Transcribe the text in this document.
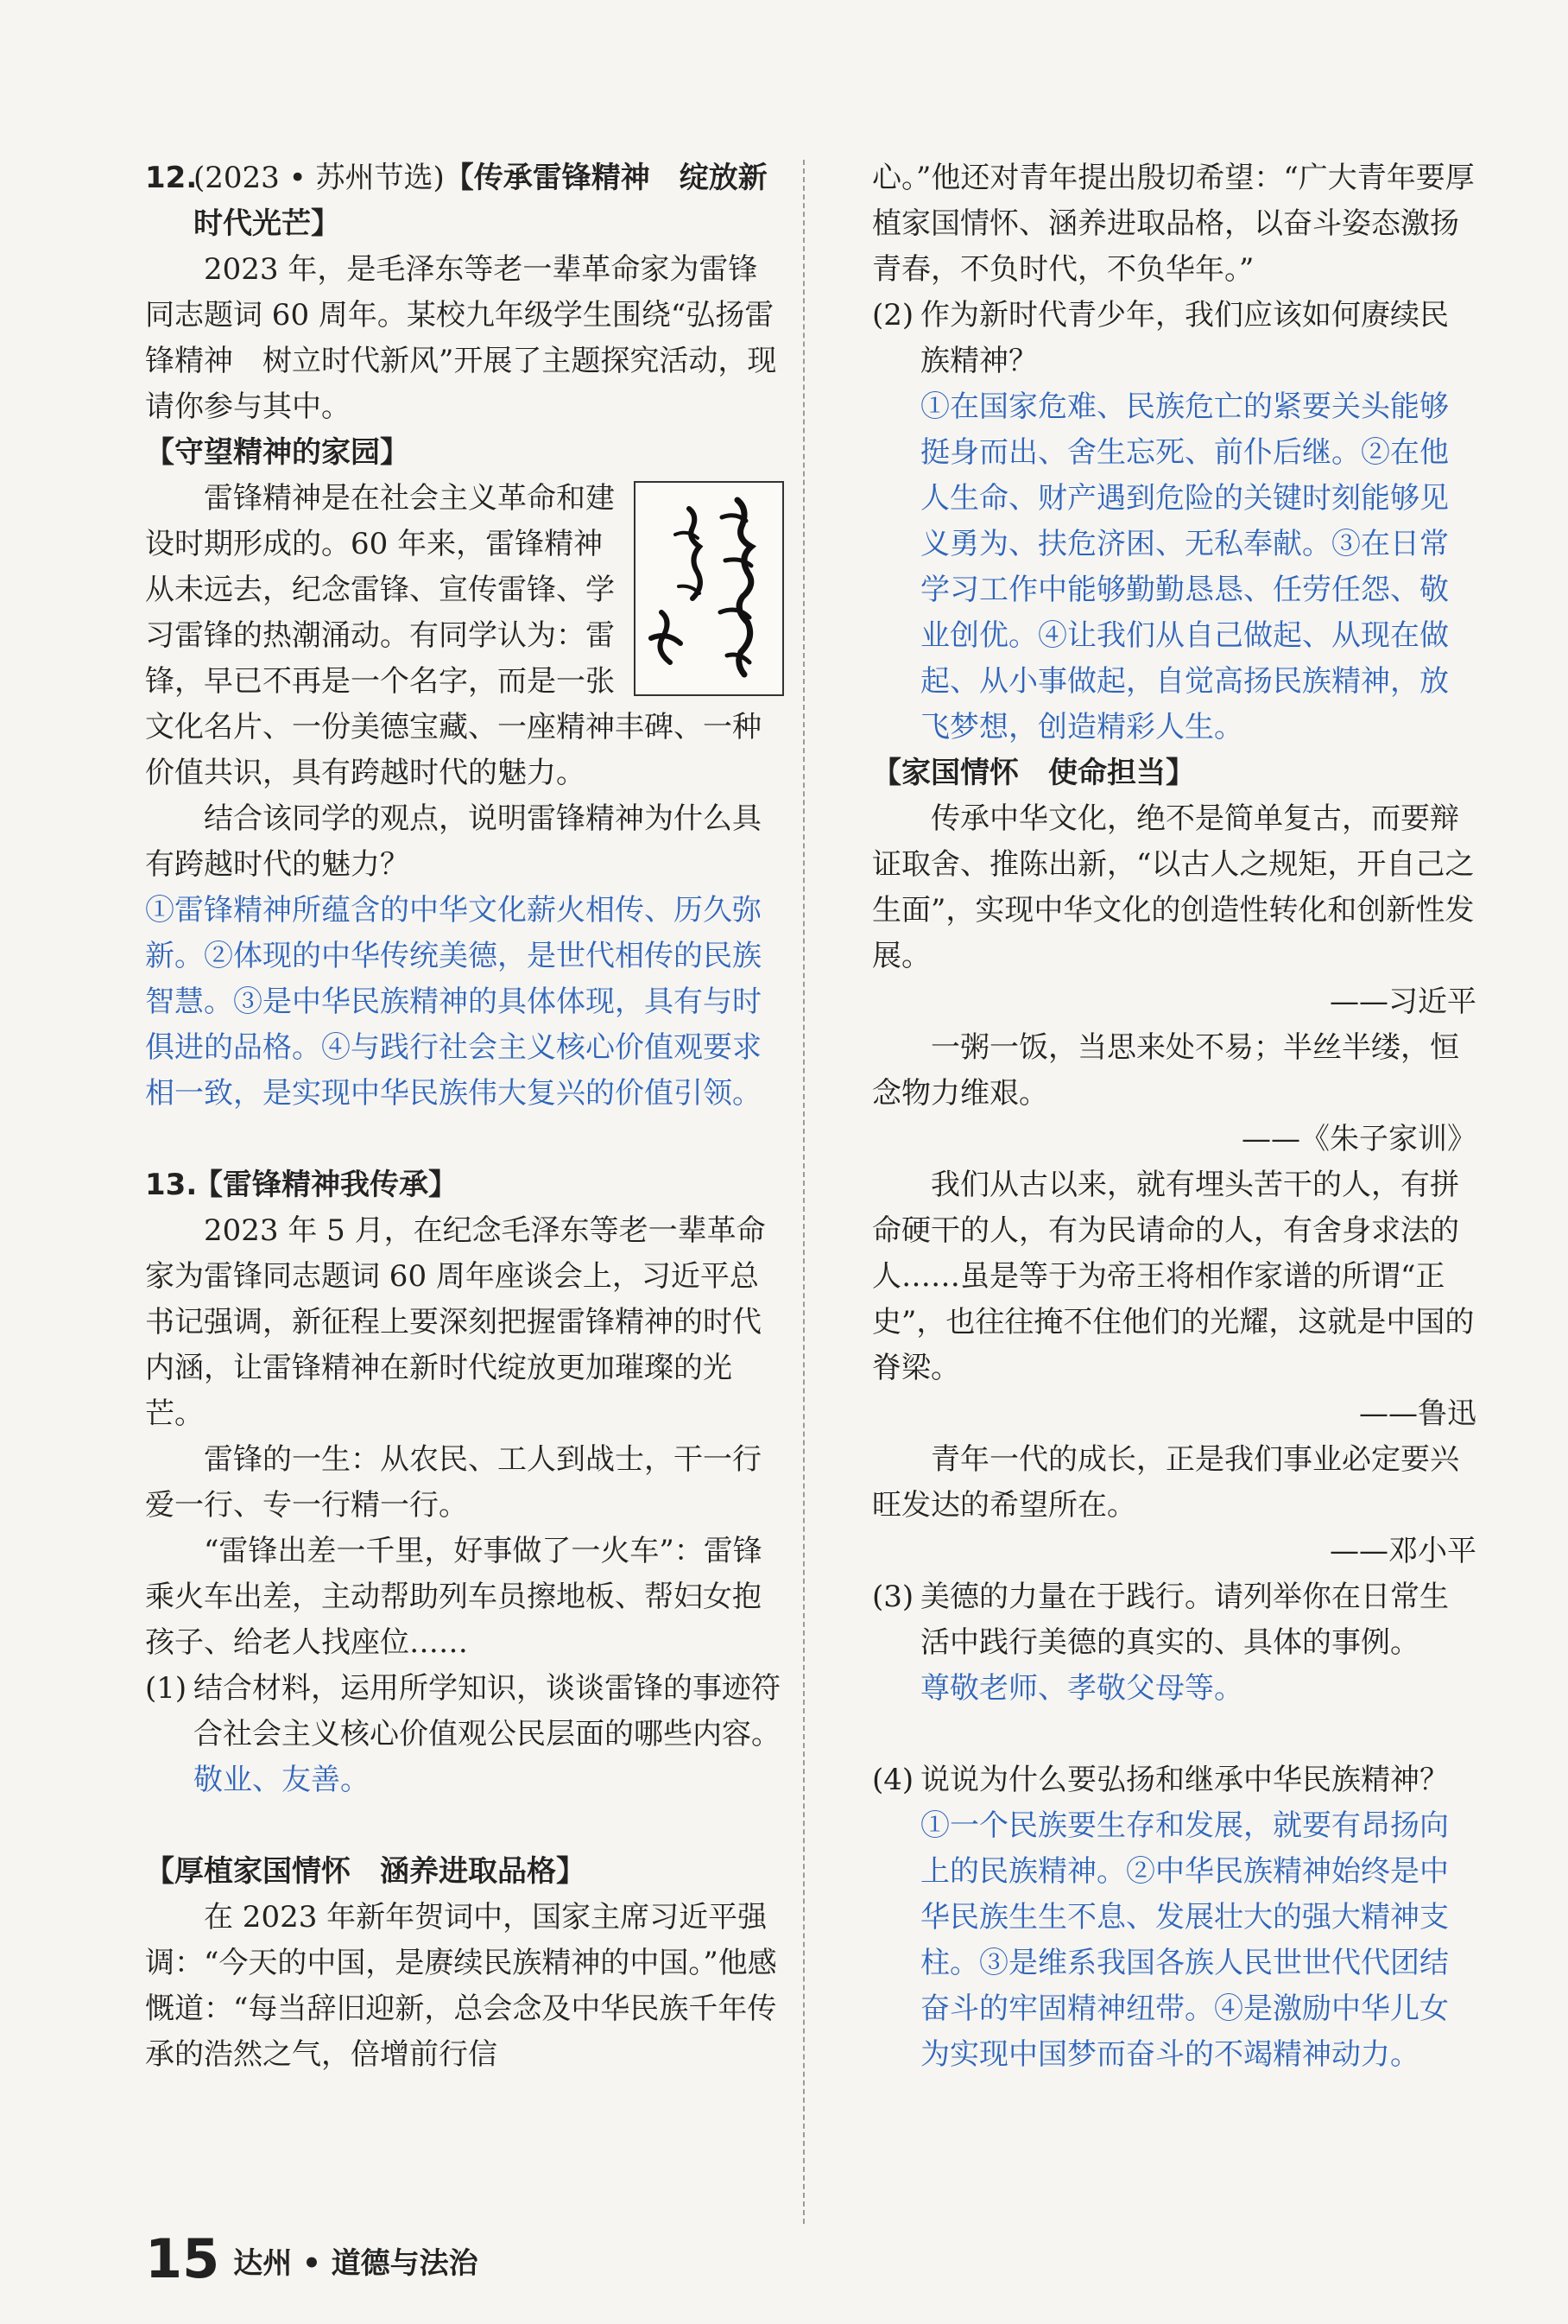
12.
(2023 • 苏州节选)【传承雷锋精神　绽放新时代光芒】

2023 年，是毛泽东等老一辈革命家为雷锋同志题词 60 周年。某校九年级学生围绕“弘扬雷锋精神　树立时代新风”开展了主题探究活动，现请你参与其中。

【守望精神的家园】

雷锋精神是在社会主义革命和建设时期形成的。60 年来，雷锋精神从未远去，纪念雷锋、宣传雷锋、学习雷锋的热潮涌动。有同学认为：雷锋，早已不再是一个名字，而是一张文化名片、一份美德宝藏、一座精神丰碑、一种价值共识，具有跨越时代的魅力。

结合该同学的观点，说明雷锋精神为什么具有跨越时代的魅力？

①雷锋精神所蕴含的中华文化薪火相传、历久弥新。②体现的中华传统美德，是世代相传的民族智慧。③是中华民族精神的具体体现，具有与时俱进的品格。④与践行社会主义核心价值观要求相一致，是实现中华民族伟大复兴的价值引领。

13.
【雷锋精神我传承】

2023 年 5 月，在纪念毛泽东等老一辈革命家为雷锋同志题词 60 周年座谈会上，习近平总书记强调，新征程上要深刻把握雷锋精神的时代内涵，让雷锋精神在新时代绽放更加璀璨的光芒。

雷锋的一生：从农民、工人到战士，干一行爱一行、专一行精一行。

“雷锋出差一千里，好事做了一火车”：雷锋乘火车出差，主动帮助列车员擦地板、帮妇女抱孩子、给老人找座位……

(1) 结合材料，运用所学知识，谈谈雷锋的事迹符合社会主义核心价值观公民层面的哪些内容。

敬业、友善。

【厚植家国情怀　涵养进取品格】

在 2023 年新年贺词中，国家主席习近平强调：“今天的中国，是赓续民族精神的中国。”他感慨道：“每当辞旧迎新，总会念及中华民族千年传承的浩然之气，倍增前行信

心。”他还对青年提出殷切希望：“广大青年要厚植家国情怀、涵养进取品格，以奋斗姿态激扬青春，不负时代，不负华年。”

(2) 作为新时代青少年，我们应该如何赓续民族精神？

①在国家危难、民族危亡的紧要关头能够挺身而出、舍生忘死、前仆后继。②在他人生命、财产遇到危险的关键时刻能够见义勇为、扶危济困、无私奉献。③在日常学习工作中能够勤勤恳恳、任劳任怨、敬业创优。④让我们从自己做起、从现在做起、从小事做起，自觉高扬民族精神，放飞梦想，创造精彩人生。

【家国情怀　使命担当】

传承中华文化，绝不是简单复古，而要辩证取舍、推陈出新，“以古人之规矩，开自己之生面”，实现中华文化的创造性转化和创新性发展。

——习近平

一粥一饭，当思来处不易；半丝半缕，恒念物力维艰。

——《朱子家训》

我们从古以来，就有埋头苦干的人，有拼命硬干的人，有为民请命的人，有舍身求法的人……虽是等于为帝王将相作家谱的所谓“正史”，也往往掩不住他们的光耀，这就是中国的脊梁。

——鲁迅

青年一代的成长，正是我们事业必定要兴旺发达的希望所在。

——邓小平

(3) 美德的力量在于践行。请列举你在日常生活中践行美德的真实的、具体的事例。

尊敬老师、孝敬父母等。

(4) 说说为什么要弘扬和继承中华民族精神？

①一个民族要生存和发展，就要有昂扬向上的民族精神。②中华民族精神始终是中华民族生生不息、发展壮大的强大精神支柱。③是维系我国各族人民世世代代团结奋斗的牢固精神纽带。④是激励中华儿女为实现中国梦而奋斗的不竭精神动力。

15 达州 • 道德与法治
